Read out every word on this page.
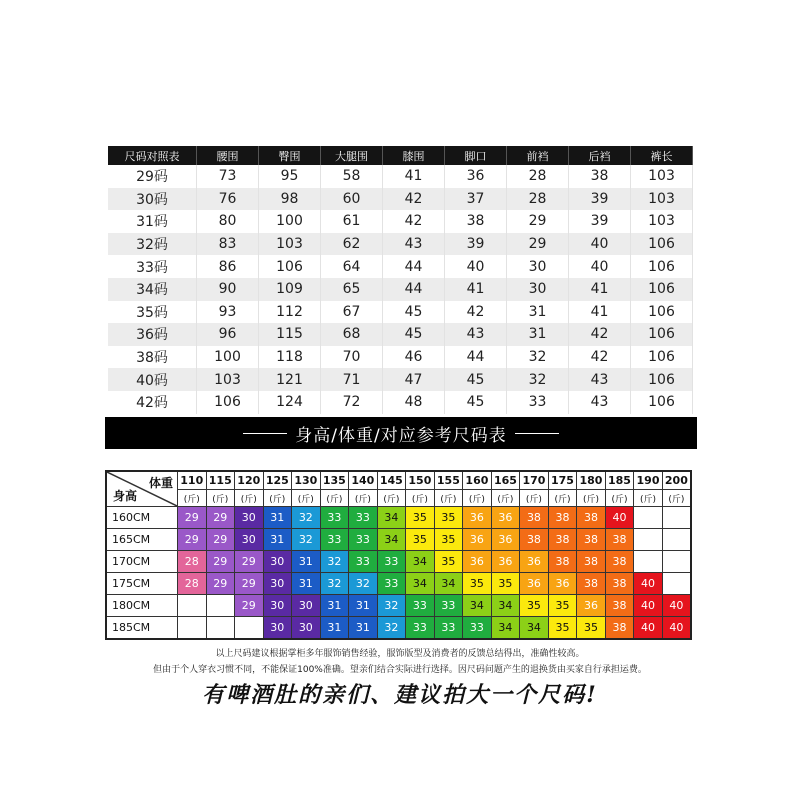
尺码对照表	腰围	臀围	大腿围	膝围	脚口	前裆	后裆	裤长
29码	73	95	58	41	36	28	38	103
30码	76	98	60	42	37	28	39	103
31码	80	100	61	42	38	29	39	103
32码	83	103	62	43	39	29	40	106
33码	86	106	64	44	40	30	40	106
34码	90	109	65	44	41	30	41	106
35码	93	112	67	45	42	31	41	106
36码	96	115	68	45	43	31	42	106
38码	100	118	70	46	44	32	42	106
40码	103	121	71	47	45	32	43	106
42码	106	124	72	48	45	33	43	106
身高/体重/对应参考尺码表
体重
身高	110	115	120	125	130	135	140	145	150	155	160	165	170	175	180	185	190	200
	(斤)	(斤)	(斤)	(斤)	(斤)	(斤)	(斤)	(斤)	(斤)	(斤)	(斤)	(斤)	(斤)	(斤)	(斤)	(斤)	(斤)	(斤)
160CM	29	29	30	31	32	33	33	34	35	35	36	36	38	38	38	40		
165CM	29	29	30	31	32	33	33	34	35	35	36	36	38	38	38	38		
170CM	28	29	29	30	31	32	33	33	34	35	36	36	36	38	38	38		
175CM	28	29	29	30	31	32	32	33	34	34	35	35	36	36	38	38	40	
180CM			29	30	30	31	31	32	33	33	34	34	35	35	36	38	40	40
185CM				30	30	31	31	32	33	33	33	34	34	35	35	38	40	40
以上尺码建议根据掌柜多年服饰销售经验，服饰版型及消费者的反馈总结得出，准确性较高。
但由于个人穿衣习惯不同，不能保证100%准确。望亲们结合实际进行选择。因尺码问题产生的退换货由买家自行承担运费。
有啤酒肚的亲们、建议拍大一个尺码!
